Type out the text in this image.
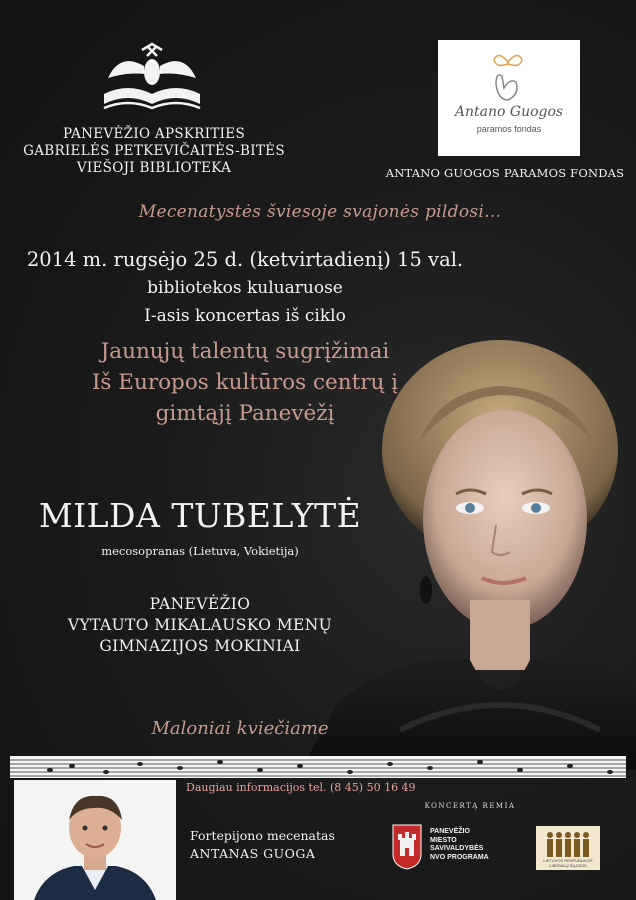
PANEVĖŽIO APSKRITIES
GABRIELĖS PETKEVIČAITĖS-BITĖS
VIEŠOJI BIBLIOTEKA
Antano Guogos
paramos fondas
ANTANO GUOGOS PARAMOS FONDAS
Mecenatystės šviesoje svajonės pildosi...
2014 m. rugsėjo 25 d. (ketvirtadienį) 15 val.
bibliotekos kuluaruose
I-asis koncertas iš ciklo
Jaunųjų talentų sugrįžimai
Iš Europos kultūros centrų į
gimtąjį Panevėžį
MILDA TUBELYTĖ
mecosopranas (Lietuva, Vokietija)
PANEVĖŽIO
VYTAUTO MIKALAUSKO MENŲ
GIMNAZIJOS MOKINIAI
Maloniai kviečiame
Daugiau informacijos tel. (8 45) 50 16 49
Fortepijono mecenatas
ANTANAS GUOGA
KONCERTĄ REMIA
PANEVĖŽIO
MIESTO
SAVIVALDYBĖS
NVO PROGRAMA	LIETUVOS RESPUBLIKOS
LIBERALŲ SĄJŪDIS
